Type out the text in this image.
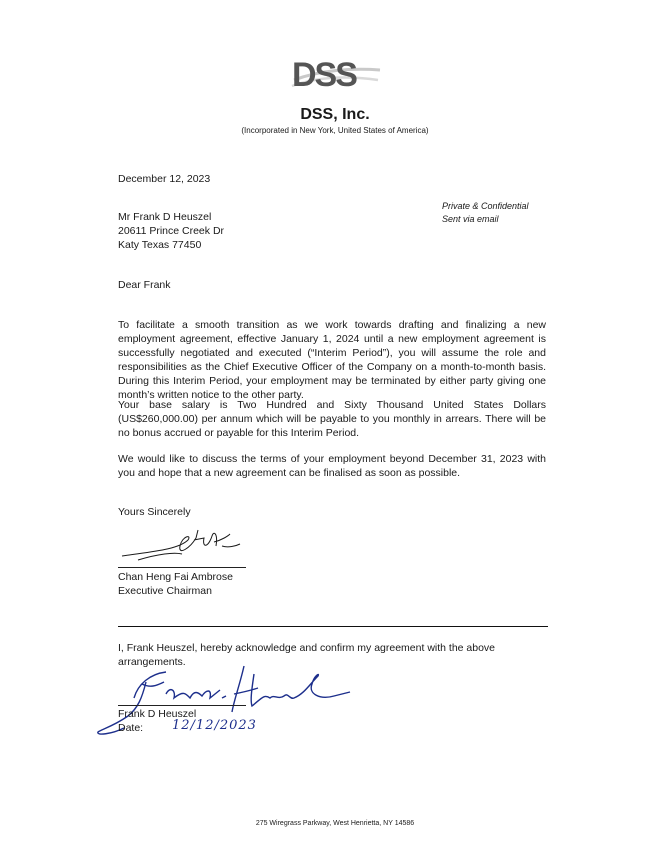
DSS
DSS, Inc.
(Incorporated in New York, United States of America)
December 12, 2023
Private & Confidential
Sent via email
Mr Frank D Heuszel
20611 Prince Creek Dr
Katy Texas 77450
Dear Frank
To facilitate a smooth transition as we work towards drafting and finalizing a new employment agreement, effective January 1, 2024 until a new employment agreement is successfully negotiated and executed (“Interim Period”), you will assume the role and responsibilities as the Chief Executive Officer of the Company on a month-to-month basis. During this Interim Period, your employment may be terminated by either party giving one month’s written notice to the other party.
Your base salary is Two Hundred and Sixty Thousand United States Dollars (US$260,000.00) per annum which will be payable to you monthly in arrears. There will be no bonus accrued or payable for this Interim Period.
We would like to discuss the terms of your employment beyond December 31, 2023 with you and hope that a new agreement can be finalised as soon as possible.
Yours Sincerely
Chan Heng Fai Ambrose
Executive Chairman
I, Frank Heuszel, hereby acknowledge and confirm my agreement with the above arrangements.
Frank D Heuszel
Date: 12/12/2023
275 Wiregrass Parkway, West Henrietta, NY 14586
